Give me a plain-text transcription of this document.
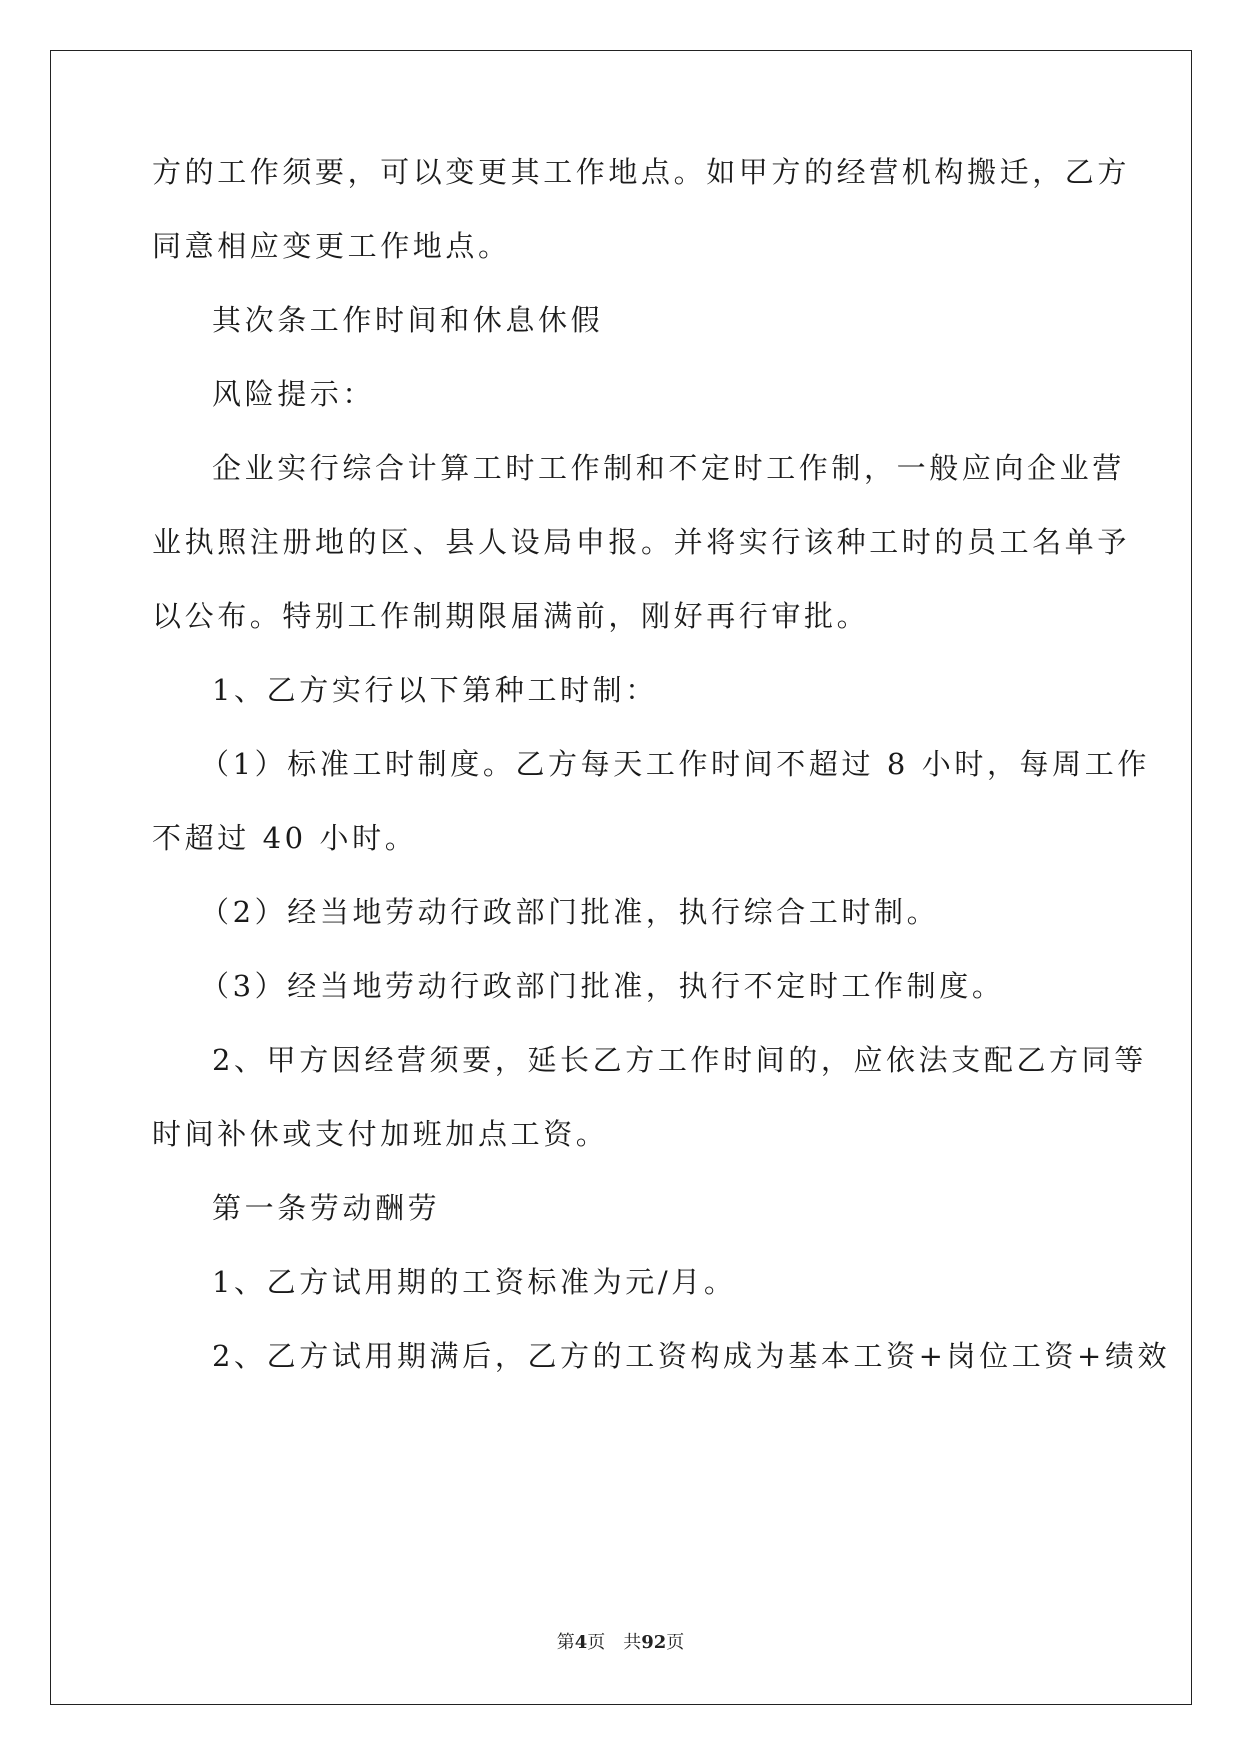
方的工作须要，可以变更其工作地点。如甲方的经营机构搬迁，乙方
同意相应变更工作地点。
其次条工作时间和休息休假
风险提示：
企业实行综合计算工时工作制和不定时工作制，一般应向企业营
业执照注册地的区、县人设局申报。并将实行该种工时的员工名单予
以公布。特别工作制期限届满前，刚好再行审批。
1、乙方实行以下第种工时制：
（1）标准工时制度。乙方每天工作时间不超过 8 小时，每周工作
不超过 40 小时。
（2）经当地劳动行政部门批准，执行综合工时制。
（3）经当地劳动行政部门批准，执行不定时工作制度。
2、甲方因经营须要，延长乙方工作时间的，应依法支配乙方同等
时间补休或支付加班加点工资。
第一条劳动酬劳
1、乙方试用期的工资标准为元/月。
2、乙方试用期满后，乙方的工资构成为基本工资+岗位工资+绩效
第4页　共92页
